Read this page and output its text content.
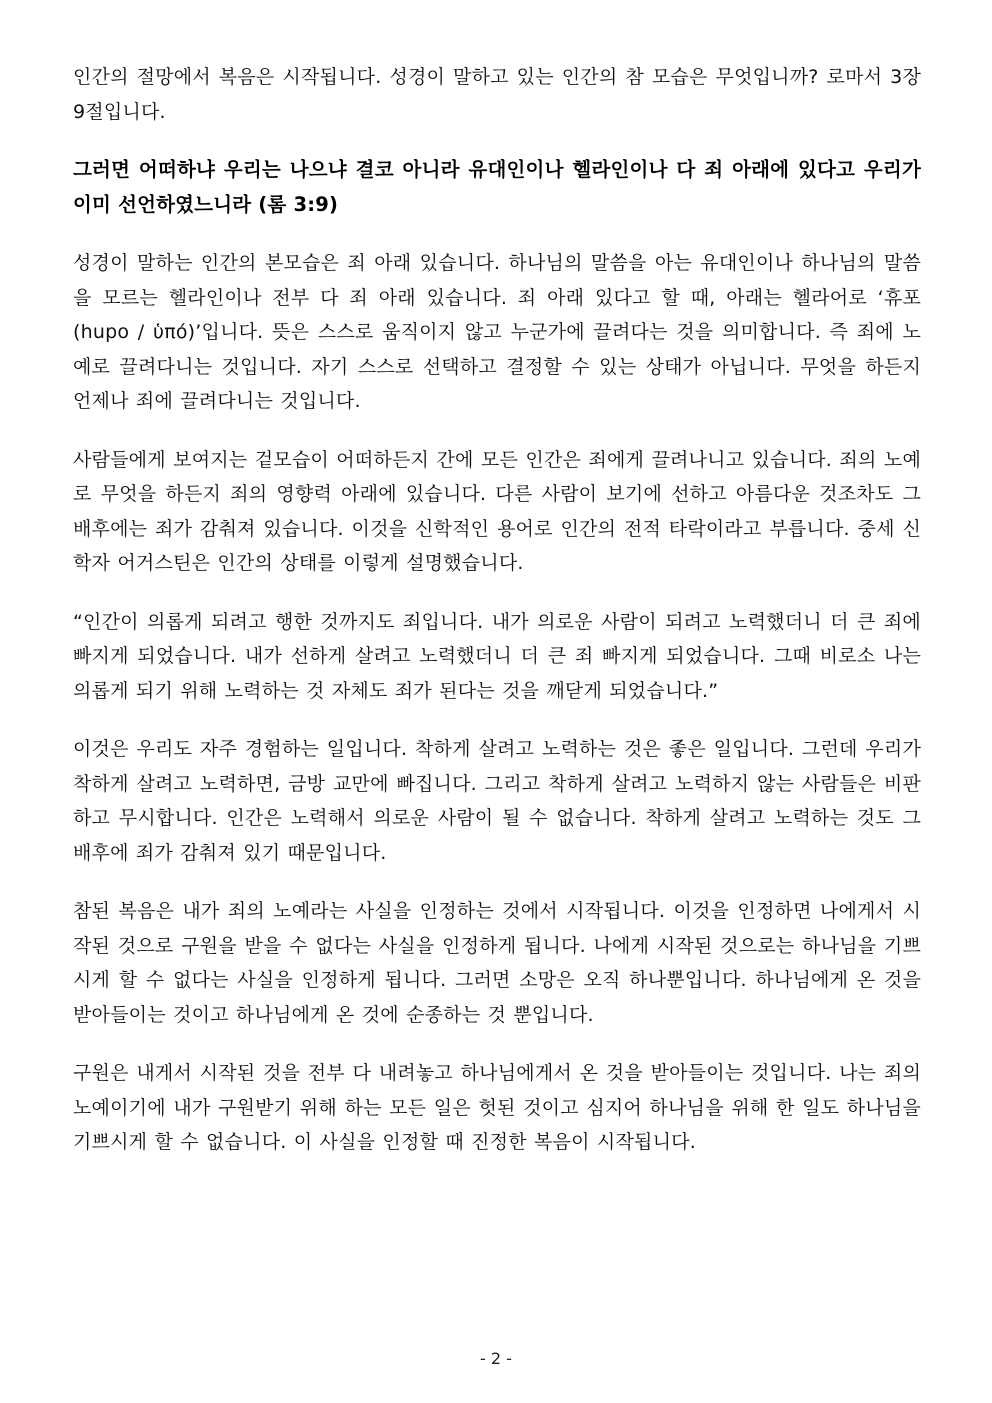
인간의 절망에서 복음은 시작됩니다. 성경이 말하고 있는 인간의 참 모습은 무엇입니까? 로마서 3장 9절입니다.

그러면 어떠하냐 우리는 나으냐 결코 아니라 유대인이나 헬라인이나 다 죄 아래에 있다고 우리가 이미 선언하였느니라 (롬 3:9)

성경이 말하는 인간의 본모습은 죄 아래 있습니다. 하나님의 말씀을 아는 유대인이나 하나님의 말씀을 모르는 헬라인이나 전부 다 죄 아래 있습니다. 죄 아래 있다고 할 때, 아래는 헬라어로 ‘휴포(hupo / ὑπό)’입니다. 뜻은 스스로 움직이지 않고 누군가에 끌려다는 것을 의미합니다. 즉 죄에 노예로 끌려다니는 것입니다. 자기 스스로 선택하고 결정할 수 있는 상태가 아닙니다. 무엇을 하든지 언제나 죄에 끌려다니는 것입니다.

사람들에게 보여지는 겉모습이 어떠하든지 간에 모든 인간은 죄에게 끌려나니고 있습니다. 죄의 노예로 무엇을 하든지 죄의 영향력 아래에 있습니다. 다른 사람이 보기에 선하고 아름다운 것조차도 그 배후에는 죄가 감춰져 있습니다. 이것을 신학적인 용어로 인간의 전적 타락이라고 부릅니다. 중세 신학자 어거스틴은 인간의 상태를 이렇게 설명했습니다.

“인간이 의롭게 되려고 행한 것까지도 죄입니다. 내가 의로운 사람이 되려고 노력했더니 더 큰 죄에 빠지게 되었습니다. 내가 선하게 살려고 노력했더니 더 큰 죄 빠지게 되었습니다. 그때 비로소 나는 의롭게 되기 위해 노력하는 것 자체도 죄가 된다는 것을 깨닫게 되었습니다.”

이것은 우리도 자주 경험하는 일입니다. 착하게 살려고 노력하는 것은 좋은 일입니다. 그런데 우리가 착하게 살려고 노력하면, 금방 교만에 빠집니다. 그리고 착하게 살려고 노력하지 않는 사람들은 비판하고 무시합니다. 인간은 노력해서 의로운 사람이 될 수 없습니다. 착하게 살려고 노력하는 것도 그 배후에 죄가 감춰져 있기 때문입니다.

참된 복음은 내가 죄의 노예라는 사실을 인정하는 것에서 시작됩니다. 이것을 인정하면 나에게서 시작된 것으로 구원을 받을 수 없다는 사실을 인정하게 됩니다. 나에게 시작된 것으로는 하나님을 기쁘시게 할 수 없다는 사실을 인정하게 됩니다. 그러면 소망은 오직 하나뿐입니다. 하나님에게 온 것을 받아들이는 것이고 하나님에게 온 것에 순종하는 것 뿐입니다.

구원은 내게서 시작된 것을 전부 다 내려놓고 하나님에게서 온 것을 받아들이는 것입니다. 나는 죄의 노예이기에 내가 구원받기 위해 하는 모든 일은 헛된 것이고 심지어 하나님을 위해 한 일도 하나님을 기쁘시게 할 수 없습니다. 이 사실을 인정할 때 진정한 복음이 시작됩니다.

- 2 -
